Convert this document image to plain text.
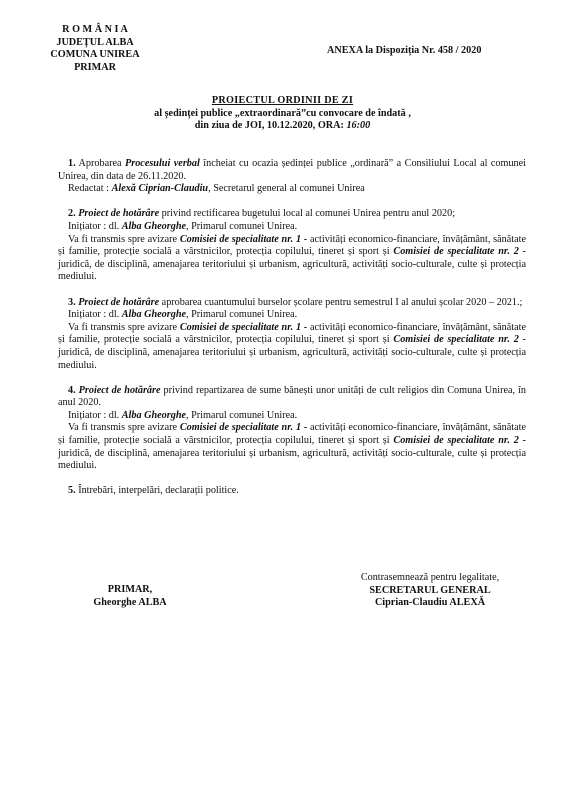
R O M Â N I A
JUDEȚUL ALBA
COMUNA UNIREA
PRIMAR
ANEXA la Dispoziția Nr. 458 / 2020
PROIECTUL ORDINII DE ZI
al ședinței publice „extraordinară”cu convocare de îndată ,
din ziua de JOI, 10.12.2020, ORA: 16:00

1. Aprobarea Procesului verbal încheiat cu ocazia ședinței publice „ordinară” a Consiliului Local al comunei Unirea, din data de 26.11.2020.

Redactat : Alexă Ciprian-Claudiu, Secretarul general al comunei Unirea

2. Proiect de hotărâre privind rectificarea bugetului local al comunei Unirea pentru anul 2020;

Inițiator : dl. Alba Gheorghe, Primarul comunei Unirea.

Va fi transmis spre avizare Comisiei de specialitate nr. 1 - activități economico-financiare, învățământ, sănătate și familie, protecție socială a vârstnicilor, protecția copilului, tineret și sport și Comisiei de specialitate nr. 2 - juridică, de disciplină, amenajarea teritoriului și urbanism, agricultură, activități socio-culturale, culte și protecția mediului.

3. Proiect de hotărâre aprobarea cuantumului burselor școlare pentru semestrul I al anului școlar 2020 – 2021.;

Inițiator : dl. Alba Gheorghe, Primarul comunei Unirea.

Va fi transmis spre avizare Comisiei de specialitate nr. 1 - activități economico-financiare, învățământ, sănătate și familie, protecție socială a vârstnicilor, protecția copilului, tineret și sport și Comisiei de specialitate nr. 2 - juridică, de disciplină, amenajarea teritoriului și urbanism, agricultură, activități socio-culturale, culte și protecția mediului.

4. Proiect de hotărâre privind repartizarea de sume bănești unor unități de cult religios din Comuna Unirea, în anul 2020.

Inițiator : dl. Alba Gheorghe, Primarul comunei Unirea.

Va fi transmis spre avizare Comisiei de specialitate nr. 1 - activități economico-financiare, învățământ, sănătate și familie, protecție socială a vârstnicilor, protecția copilului, tineret și sport și Comisiei de specialitate nr. 2 - juridică, de disciplină, amenajarea teritoriului și urbanism, agricultură, activități socio-culturale, culte și protecția mediului.

5. Întrebări, interpelări, declarații politice.

PRIMAR,
Gheorghe ALBA
Contrasemnează pentru legalitate,
SECRETARUL GENERAL
Ciprian-Claudiu ALEXĂ
